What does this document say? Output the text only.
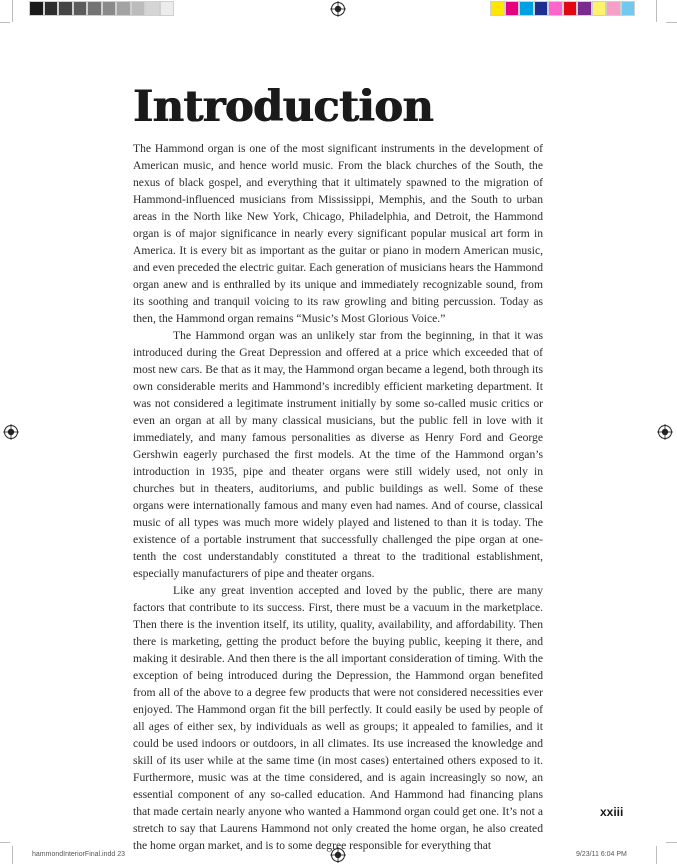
Introduction

The Hammond organ is one of the most significant instruments in the development of American music, and hence world music. From the black churches of the South, the nexus of black gospel, and everything that it ultimately spawned to the migration of Hammond-influenced musicians from Mississippi, Memphis, and the South to urban areas in the North like New York, Chicago, Philadelphia, and Detroit, the Hammond organ is of major significance in nearly every significant popular musical art form in America. It is every bit as important as the guitar or piano in modern American music, and even preceded the electric guitar. Each generation of musicians hears the Hammond organ anew and is enthralled by its unique and immediately recognizable sound, from its soothing and tranquil voicing to its raw growling and biting percussion. Today as then, the Hammond organ remains “Music’s Most Glorious Voice.”

The Hammond organ was an unlikely star from the beginning, in that it was introduced during the Great Depression and offered at a price which exceeded that of most new cars. Be that as it may, the Hammond organ became a legend, both through its own considerable merits and Hammond’s incredibly efficient marketing department. It was not considered a legitimate instrument initially by some so-called music critics or even an organ at all by many classical musicians, but the public fell in love with it immediately, and many famous personalities as diverse as Henry Ford and George Gershwin eagerly purchased the first models. At the time of the Hammond organ’s introduction in 1935, pipe and theater organs were still widely used, not only in churches but in theaters, auditoriums, and public buildings as well. Some of these organs were internationally famous and many even had names. And of course, classical music of all types was much more widely played and listened to than it is today. The existence of a portable instrument that successfully challenged the pipe organ at one-tenth the cost understandably constituted a threat to the traditional establishment, especially manufacturers of pipe and theater organs.

Like any great invention accepted and loved by the public, there are many factors that contribute to its success. First, there must be a vacuum in the marketplace. Then there is the invention itself, its utility, quality, availability, and affordability. Then there is marketing, getting the product before the buying public, keeping it there, and making it desirable. And then there is the all important consideration of timing. With the exception of being introduced during the Depression, the Hammond organ benefited from all of the above to a degree few products that were not considered necessities ever enjoyed. The Hammond organ fit the bill perfectly. It could easily be used by people of all ages of either sex, by individuals as well as groups; it appealed to families, and it could be used indoors or outdoors, in all climates. Its use increased the knowledge and skill of its user while at the same time (in most cases) entertained others exposed to it. Furthermore, music was at the time considered, and is again increasingly so now, an essential component of any so-called education. And Hammond had financing plans that made certain nearly anyone who wanted a Hammond organ could get one. It’s not a stretch to say that Laurens Hammond not only created the home organ, he also created the home organ market, and is to some degree responsible for everything that

xxiii

hammondInteriorFinal.indd 23	9/23/11 6:04 PM
